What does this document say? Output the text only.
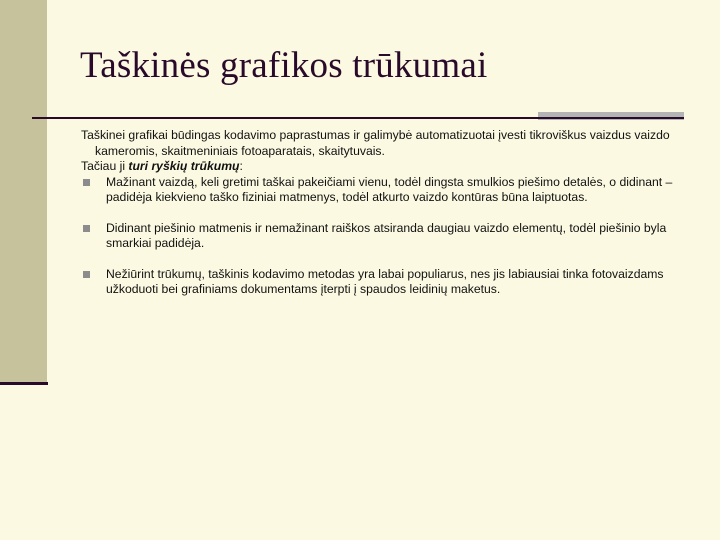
Taškinės grafikos trūkumai

Taškinei grafikai būdingas kodavimo paprastumas ir galimybė automatizuotai įvesti tikroviškus vaizdus vaizdo kameromis, skaitmeniniais fotoaparatais, skaitytuvais.

Tačiau ji turi ryškių trūkumų:

Mažinant vaizdą, keli gretimi taškai pakeičiami vienu, todėl dingsta smulkios piešimo detalės, o didinant – padidėja kiekvieno taško fiziniai matmenys, todėl atkurto vaizdo kontūras būna laiptuotas.
Didinant piešinio matmenis ir nemažinant raiškos atsiranda daugiau vaizdo elementų, todėl piešinio byla smarkiai padidėja.
Nežiūrint trūkumų, taškinis kodavimo metodas yra labai populiarus, nes jis labiausiai tinka fotovaizdams užkoduoti bei grafiniams dokumentams įterpti į spaudos leidinių maketus.
